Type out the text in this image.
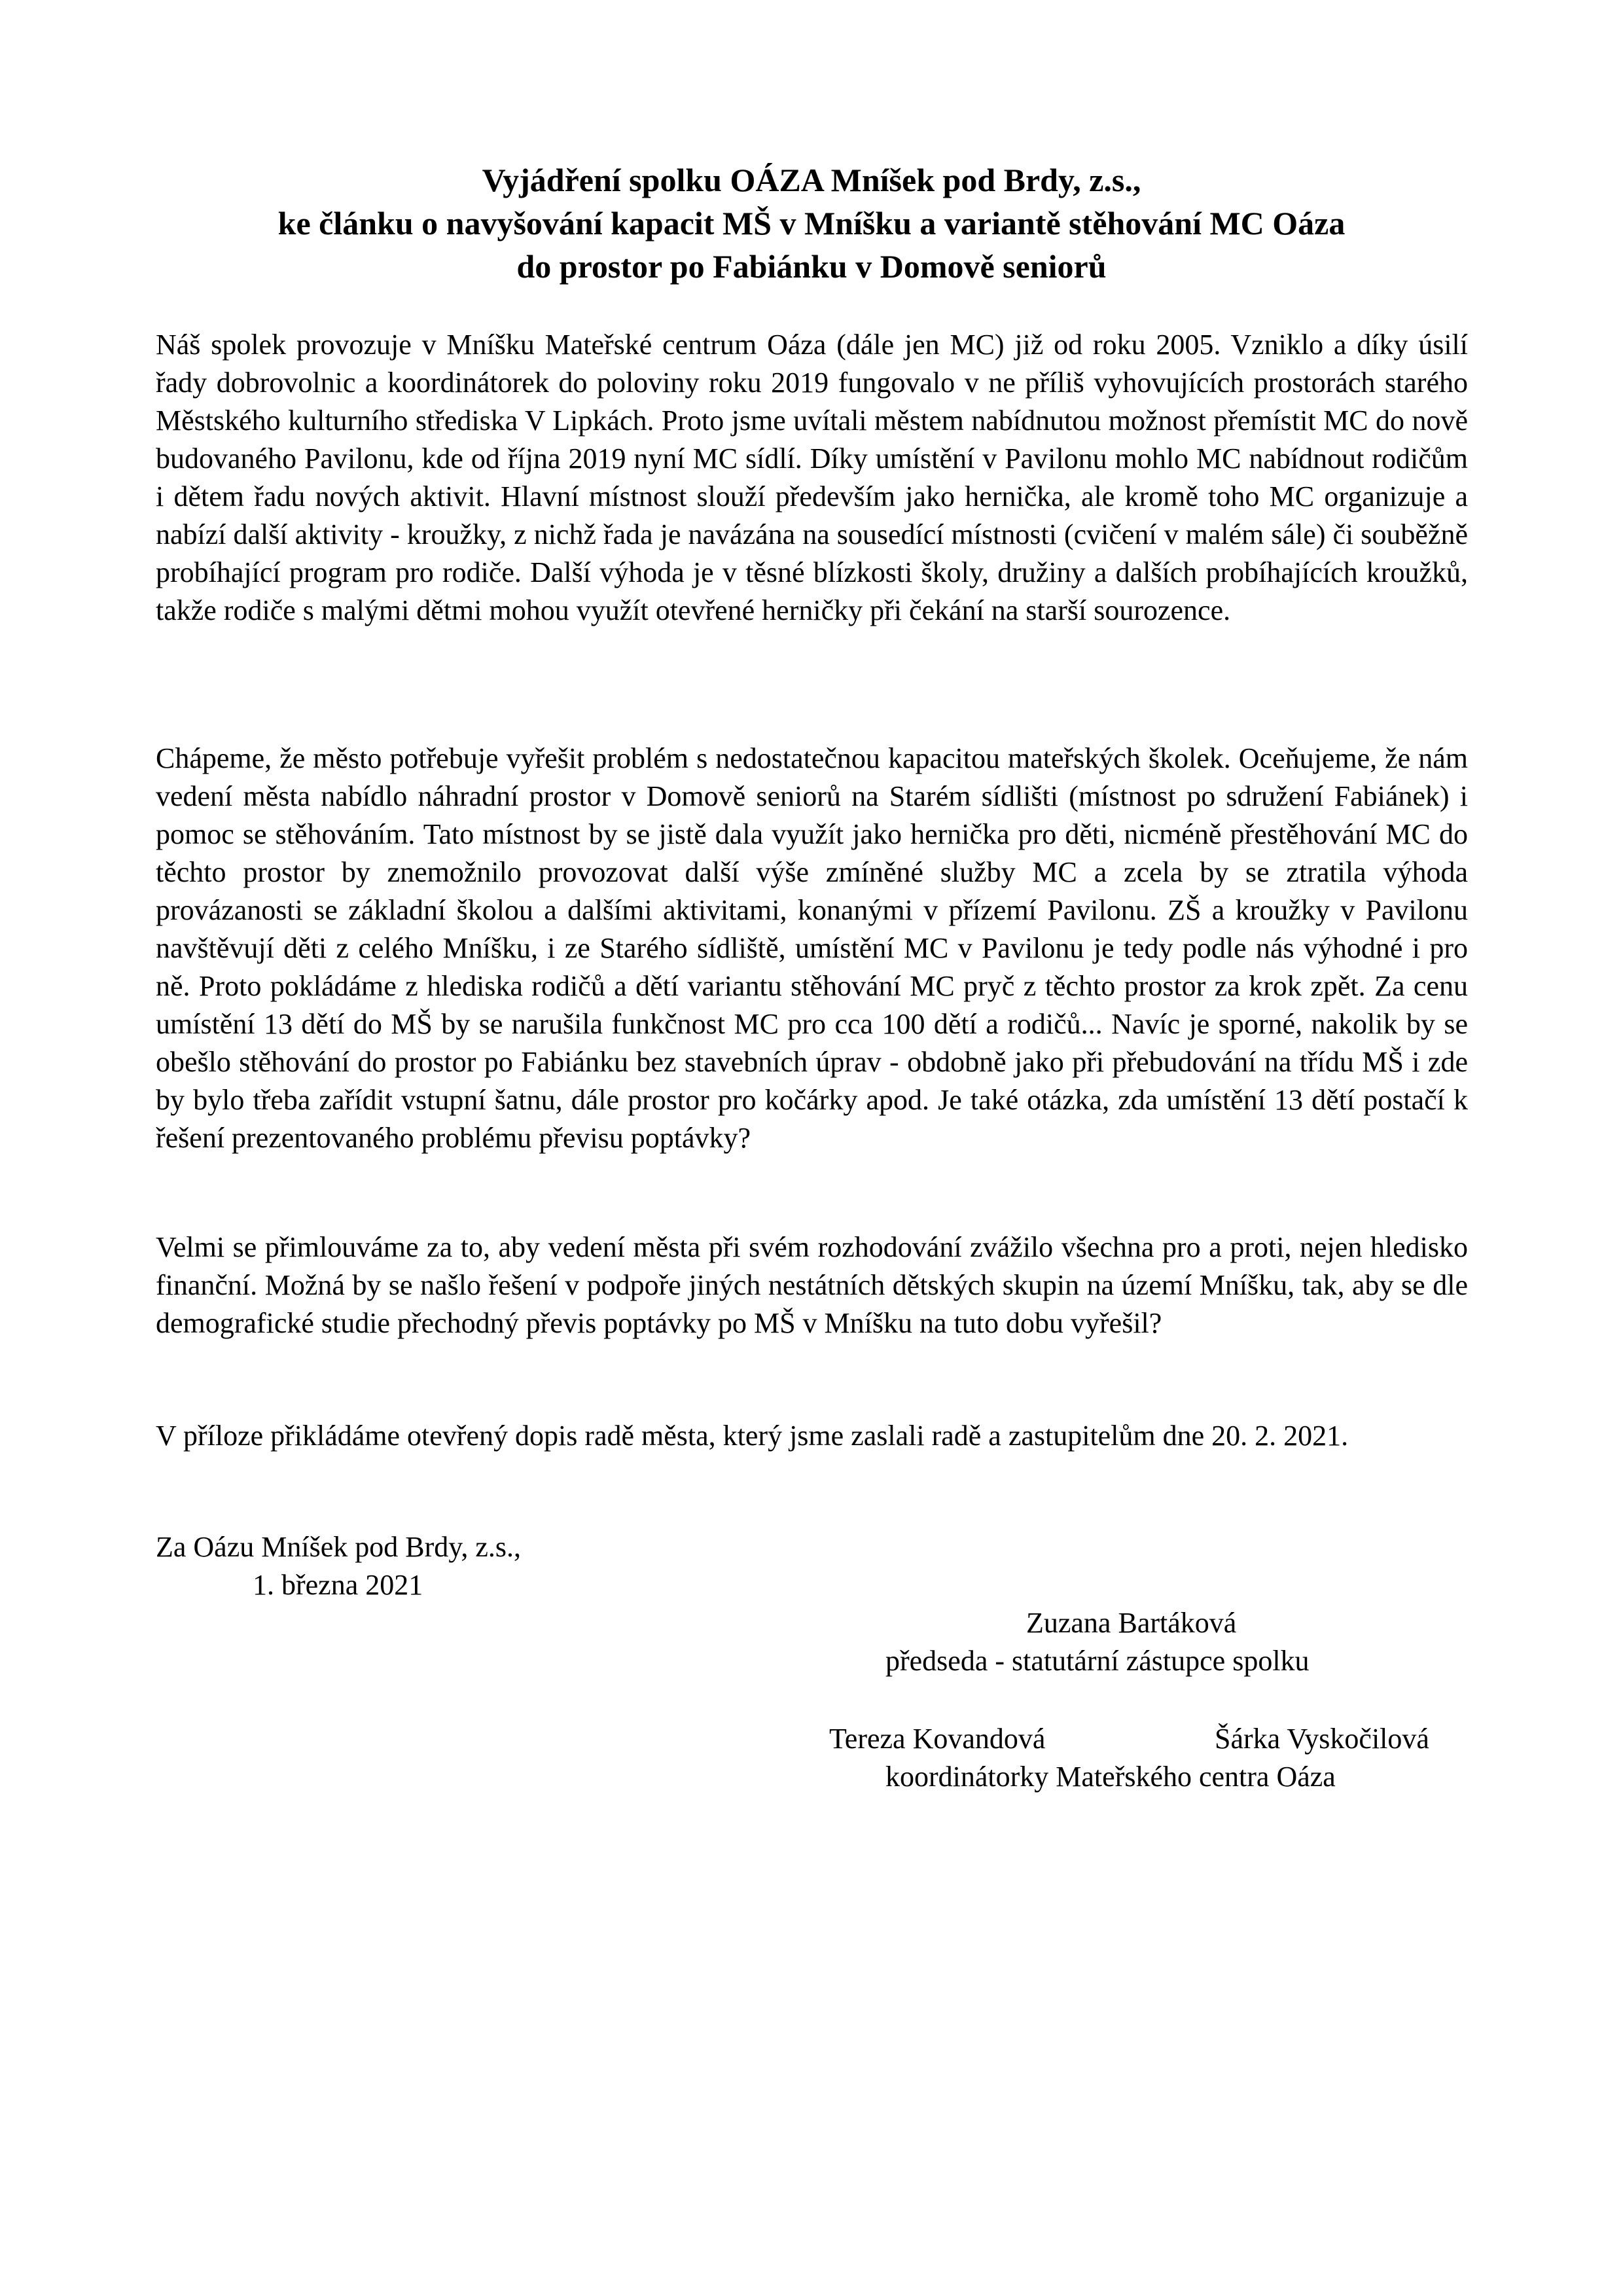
Vyjádření spolku OÁZA Mníšek pod Brdy, z.s.,
ke článku o navyšování kapacit MŠ v Mníšku a variantě stěhování MC Oáza
do prostor po Fabiánku v Domově seniorů

Náš spolek provozuje v Mníšku Mateřské centrum Oáza (dále jen MC) již od roku 2005. Vzniklo a díky úsilí řady dobrovolnic a koordinátorek do poloviny roku 2019 fungovalo v ne příliš vyhovujících prostorách starého Městského kulturního střediska V Lipkách. Proto jsme uvítali městem nabídnutou možnost přemístit MC do nově budovaného Pavilonu, kde od října 2019 nyní MC sídlí. Díky umístění v Pavilonu mohlo MC nabídnout rodičům i dětem řadu nových aktivit. Hlavní místnost slouží především jako hernička, ale kromě toho MC organizuje a nabízí další aktivity - kroužky, z nichž řada je navázána na sousedící místnosti (cvičení v malém sále) či souběžně probíhající program pro rodiče. Další výhoda je v těsné blízkosti školy, družiny a dalších probíhajících kroužků, takže rodiče s malými dětmi mohou využít otevřené herničky při čekání na starší sourozence.

Chápeme, že město potřebuje vyřešit problém s nedostatečnou kapacitou mateřských školek. Oceňujeme, že nám vedení města nabídlo náhradní prostor v Domově seniorů na Starém sídlišti (místnost po sdružení Fabiánek) i pomoc se stěhováním. Tato místnost by se jistě dala využít jako hernička pro děti, nicméně přestěhování MC do těchto prostor by znemožnilo provozovat další výše zmíněné služby MC a zcela by se ztratila výhoda provázanosti se základní školou a dalšími aktivitami, konanými v přízemí Pavilonu. ZŠ a kroužky v Pavilonu navštěvují děti z celého Mníšku, i ze Starého sídliště, umístění MC v Pavilonu je tedy podle nás výhodné i pro ně. Proto pokládáme z hlediska rodičů a dětí variantu stěhování MC pryč z těchto prostor za krok zpět. Za cenu umístění 13 dětí do MŠ by se narušila funkčnost MC pro cca 100 dětí a rodičů... Navíc je sporné, nakolik by se obešlo stěhování do prostor po Fabiánku bez stavebních úprav - obdobně jako při přebudování na třídu MŠ i zde by bylo třeba zařídit vstupní šatnu, dále prostor pro kočárky apod. Je také otázka, zda umístění 13 dětí postačí k řešení prezentovaného problému převisu poptávky?

Velmi se přimlouváme za to, aby vedení města při svém rozhodování zvážilo všechna pro a proti, nejen hledisko finanční. Možná by se našlo řešení v podpoře jiných nestátních dětských skupin na území Mníšku, tak, aby se dle demografické studie přechodný převis poptávky po MŠ v Mníšku na tuto dobu vyřešil?

V příloze přikládáme otevřený dopis radě města, který jsme zaslali radě a zastupitelům dne 20. 2. 2021.

Za Oázu Mníšek pod Brdy, z.s.,
1. března 2021
Zuzana Bartáková
předseda - statutární zástupce spolku
Tereza Kovandová	Šárka Vyskočilová
koordinátorky Mateřského centra Oáza
